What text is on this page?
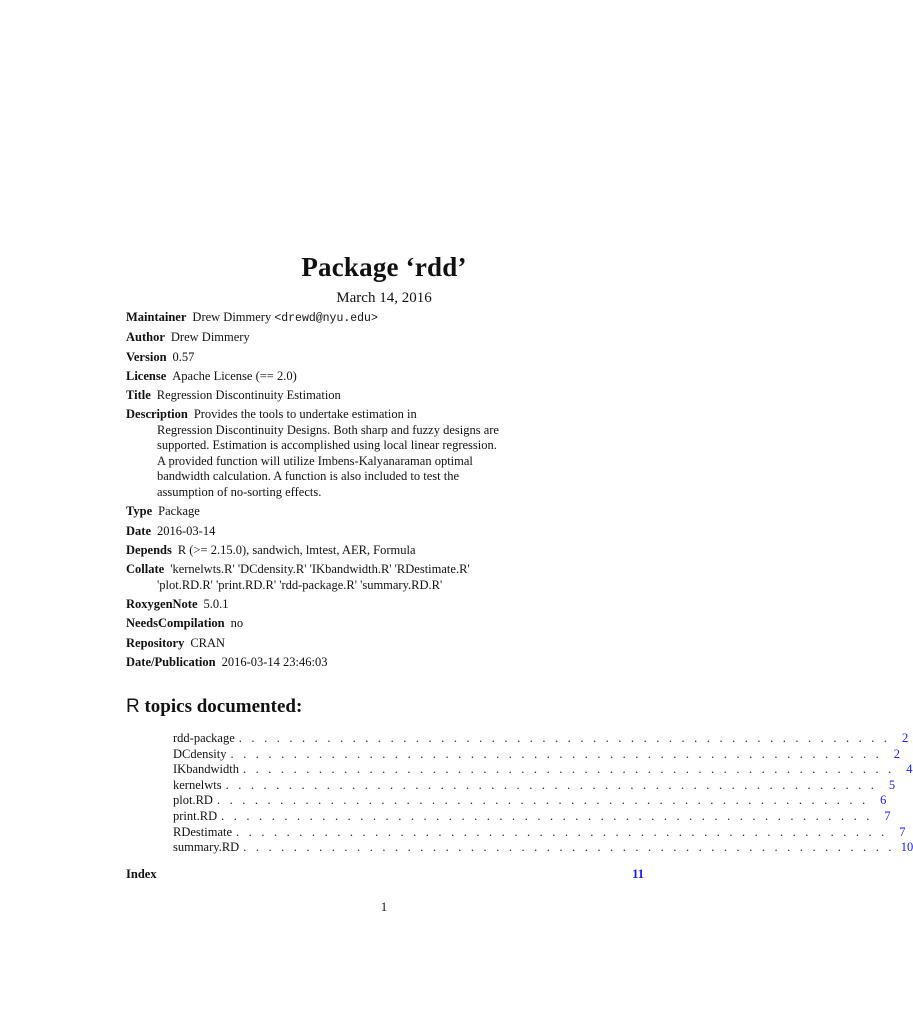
Package ‘rdd’
March 14, 2016
Maintainer Drew Dimmery <drewd@nyu.edu>
Author Drew Dimmery
Version 0.57
License Apache License (== 2.0)
Title Regression Discontinuity Estimation
Description Provides the tools to undertake estimation in
Regression Discontinuity Designs. Both sharp and fuzzy designs are
supported. Estimation is accomplished using local linear regression.
A provided function will utilize Imbens-Kalyanaraman optimal
bandwidth calculation. A function is also included to test the
assumption of no-sorting effects.
Type Package
Date 2016-03-14
Depends R (>= 2.15.0), sandwich, lmtest, AER, Formula
Collate 'kernelwts.R' 'DCdensity.R' 'IKbandwidth.R' 'RDestimate.R'
'plot.RD.R' 'print.RD.R' 'rdd-package.R' 'summary.RD.R'
RoxygenNote 5.0.1
NeedsCompilation no
Repository CRAN
Date/Publication 2016-03-14 23:46:03
R topics documented:
rdd-package . . . . . . . . . . . . . . . . . . . . . . . . . . . . . . . . . . . . . . . . . . . . . . . . . . . . 2
DCdensity . . . . . . . . . . . . . . . . . . . . . . . . . . . . . . . . . . . . . . . . . . . . . . . . . . . . 2
IKbandwidth . . . . . . . . . . . . . . . . . . . . . . . . . . . . . . . . . . . . . . . . . . . . . . . . . . . . 4
kernelwts . . . . . . . . . . . . . . . . . . . . . . . . . . . . . . . . . . . . . . . . . . . . . . . . . . . . 5
plot.RD . . . . . . . . . . . . . . . . . . . . . . . . . . . . . . . . . . . . . . . . . . . . . . . . . . . . 6
print.RD . . . . . . . . . . . . . . . . . . . . . . . . . . . . . . . . . . . . . . . . . . . . . . . . . . . . 7
RDestimate . . . . . . . . . . . . . . . . . . . . . . . . . . . . . . . . . . . . . . . . . . . . . . . . . . . . 7
summary.RD . . . . . . . . . . . . . . . . . . . . . . . . . . . . . . . . . . . . . . . . . . . . . . . . . . . . 10
Index	11
1
